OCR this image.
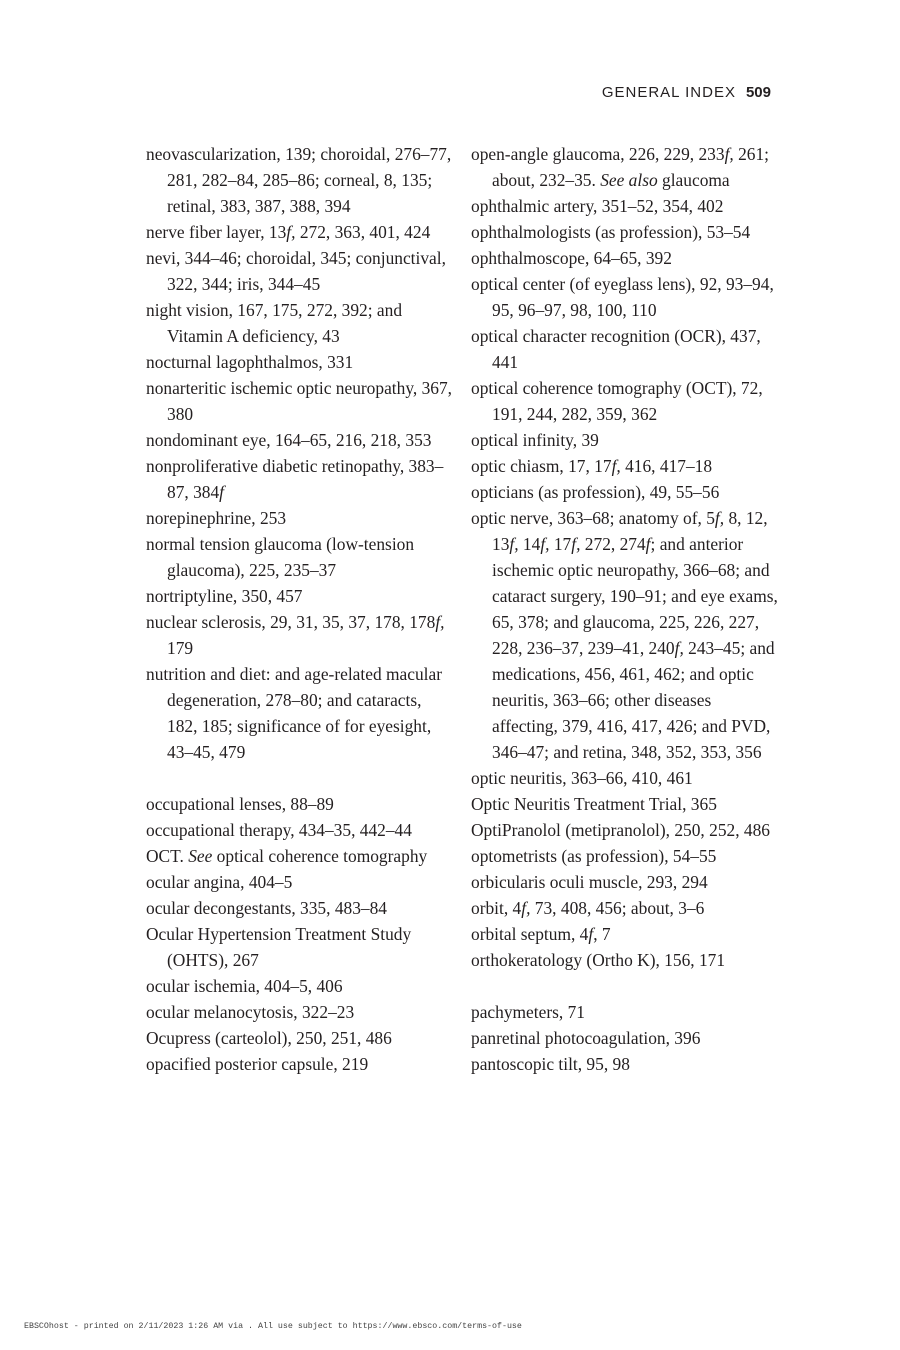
GENERAL INDEX 509

neovascularization, 139; choroidal, 276–77, 281, 282–84, 285–86; corneal, 8, 135; retinal, 383, 387, 388, 394

nerve fiber layer, 13f, 272, 363, 401, 424

nevi, 344–46; choroidal, 345; conjunctival, 322, 344; iris, 344–45

night vision, 167, 175, 272, 392; and Vitamin A deficiency, 43

nocturnal lagophthalmos, 331

nonarteritic ischemic optic neuropathy, 367, 380

nondominant eye, 164–65, 216, 218, 353

nonproliferative diabetic retinopathy, 383–87, 384f

norepinephrine, 253

normal tension glaucoma (low-tension glaucoma), 225, 235–37

nortriptyline, 350, 457

nuclear sclerosis, 29, 31, 35, 37, 178, 178f, 179

nutrition and diet: and age-related macular degeneration, 278–80; and cataracts, 182, 185; significance of for eyesight, 43–45, 479

occupational lenses, 88–89

occupational therapy, 434–35, 442–44

OCT. See optical coherence tomography

ocular angina, 404–5

ocular decongestants, 335, 483–84

Ocular Hypertension Treatment Study (OHTS), 267

ocular ischemia, 404–5, 406

ocular melanocytosis, 322–23

Ocupress (carteolol), 250, 251, 486

opacified posterior capsule, 219

open-angle glaucoma, 226, 229, 233f, 261; about, 232–35. See also glaucoma

ophthalmic artery, 351–52, 354, 402

ophthalmologists (as profession), 53–54

ophthalmoscope, 64–65, 392

optical center (of eyeglass lens), 92, 93–94, 95, 96–97, 98, 100, 110

optical character recognition (OCR), 437, 441

optical coherence tomography (OCT), 72, 191, 244, 282, 359, 362

optical infinity, 39

optic chiasm, 17, 17f, 416, 417–18

opticians (as profession), 49, 55–56

optic nerve, 363–68; anatomy of, 5f, 8, 12, 13f, 14f, 17f, 272, 274f; and anterior ischemic optic neuropathy, 366–68; and cataract surgery, 190–91; and eye exams, 65, 378; and glaucoma, 225, 226, 227, 228, 236–37, 239–41, 240f, 243–45; and medications, 456, 461, 462; and optic neuritis, 363–66; other diseases affecting, 379, 416, 417, 426; and PVD, 346–47; and retina, 348, 352, 353, 356

optic neuritis, 363–66, 410, 461

Optic Neuritis Treatment Trial, 365

OptiPranolol (metipranolol), 250, 252, 486

optometrists (as profession), 54–55

orbicularis oculi muscle, 293, 294

orbit, 4f, 73, 408, 456; about, 3–6

orbital septum, 4f, 7

orthokeratology (Ortho K), 156, 171

pachymeters, 71

panretinal photocoagulation, 396

pantoscopic tilt, 95, 98

EBSCOhost - printed on 2/11/2023 1:26 AM via . All use subject to https://www.ebsco.com/terms-of-use
